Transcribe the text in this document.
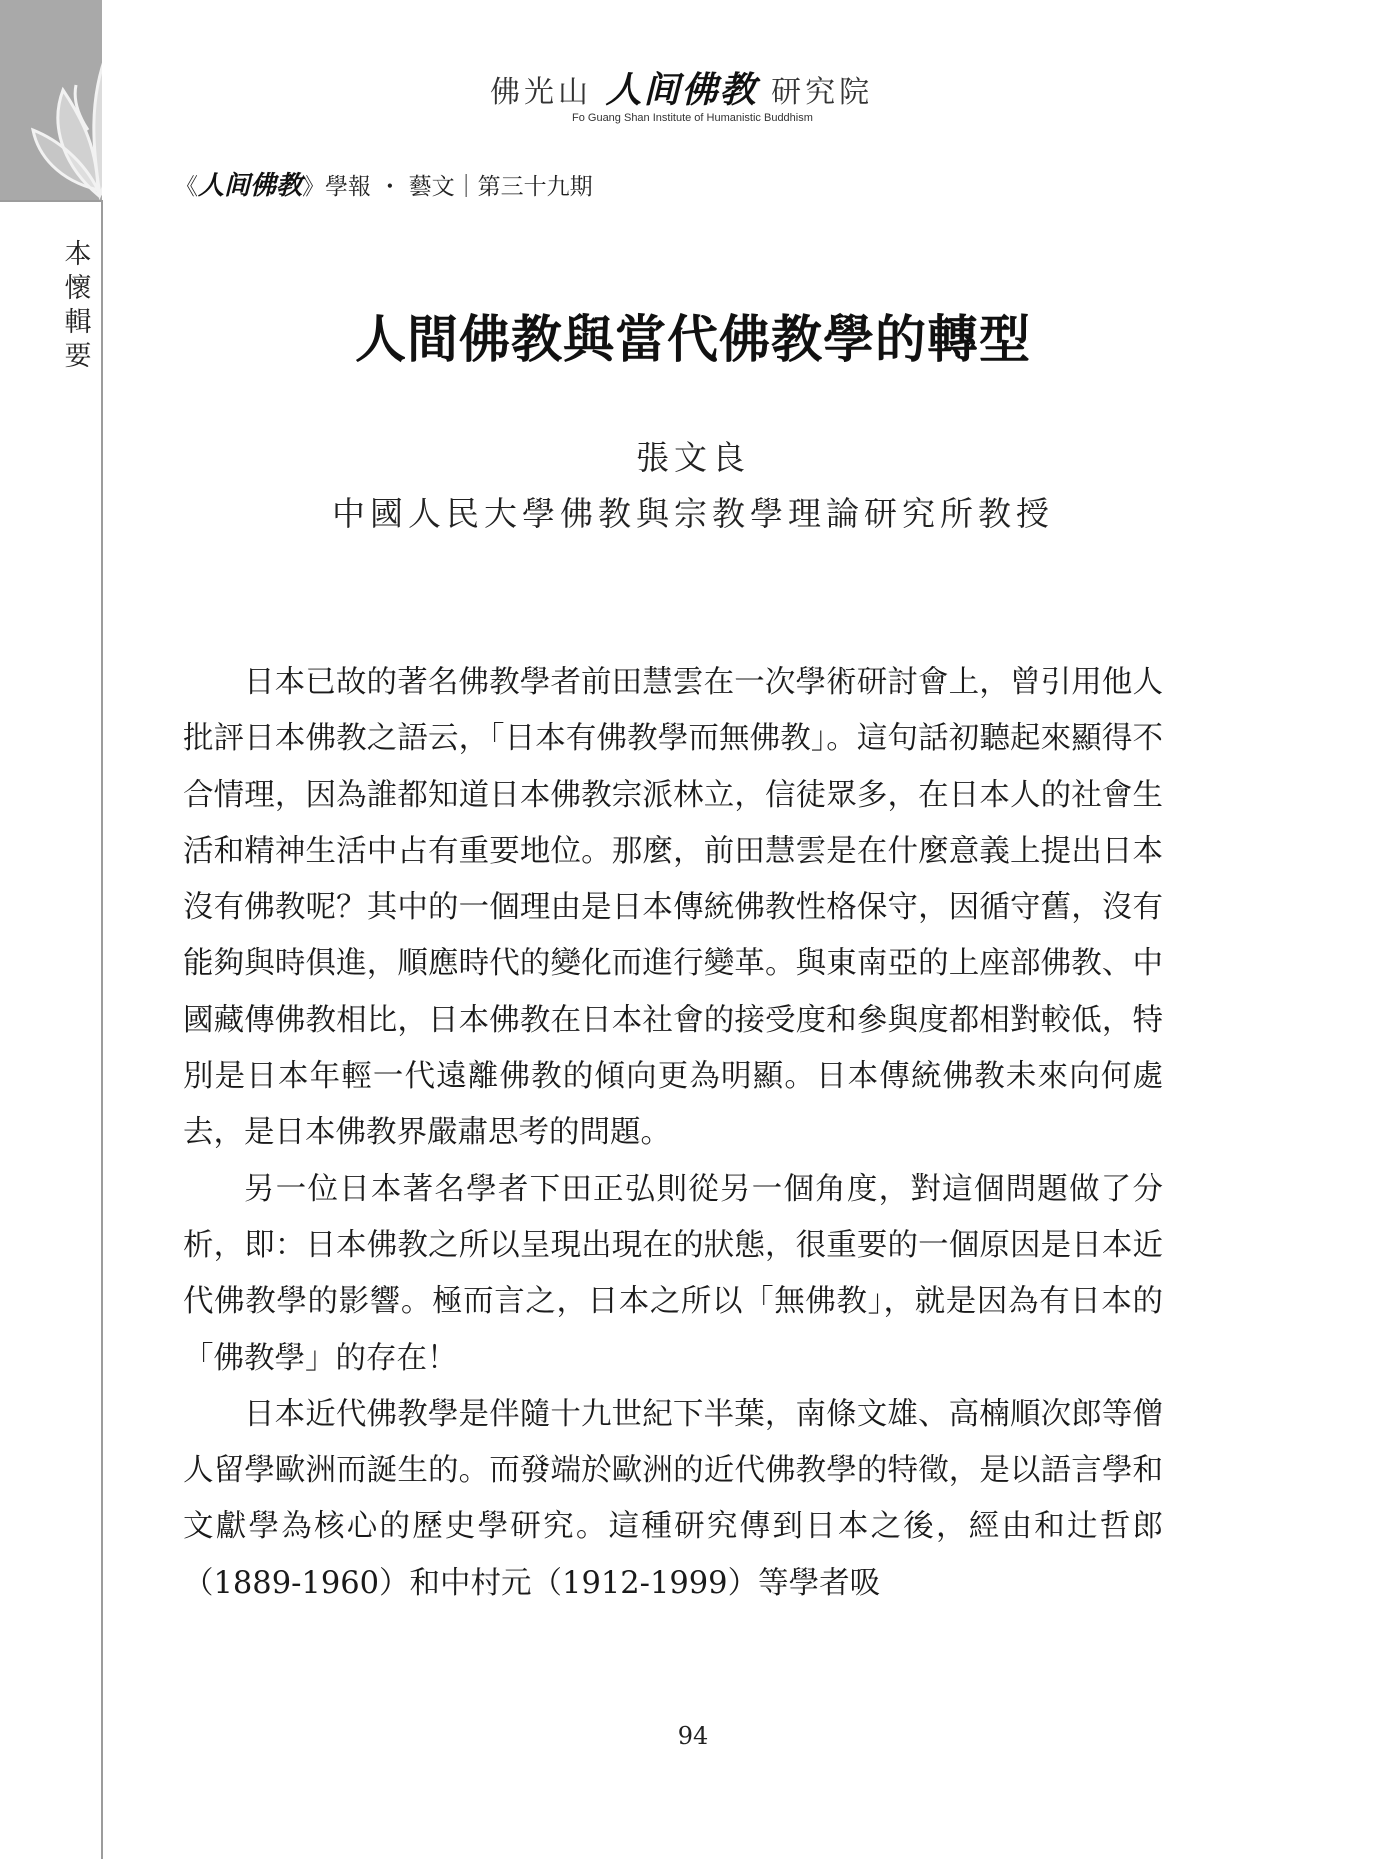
本
懷
輯
要
佛光山 人间佛教 研究院
Fo Guang Shan Institute of Humanistic Buddhism
《人间佛教》學報 ・ 藝文｜第三十九期
人間佛教與當代佛教學的轉型
張文良
中國人民大學佛教與宗教學理論研究所教授

日本已故的著名佛教學者前田慧雲在一次學術研討會上，曾引用他人批評日本佛教之語云，「日本有佛教學而無佛教」。這句話初聽起來顯得不合情理，因為誰都知道日本佛教宗派林立，信徒眾多，在日本人的社會生活和精神生活中占有重要地位。那麼，前田慧雲是在什麼意義上提出日本沒有佛教呢？其中的一個理由是日本傳統佛教性格保守，因循守舊，沒有能夠與時俱進，順應時代的變化而進行變革。與東南亞的上座部佛教、中國藏傳佛教相比，日本佛教在日本社會的接受度和參與度都相對較低，特別是日本年輕一代遠離佛教的傾向更為明顯。日本傳統佛教未來向何處去，是日本佛教界嚴肅思考的問題。

另一位日本著名學者下田正弘則從另一個角度，對這個問題做了分析，即：日本佛教之所以呈現出現在的狀態，很重要的一個原因是日本近代佛教學的影響。極而言之，日本之所以「無佛教」，就是因為有日本的「佛教學」的存在！

日本近代佛教學是伴隨十九世紀下半葉，南條文雄、高楠順次郎等僧人留學歐洲而誕生的。而發端於歐洲的近代佛教學的特徵，是以語言學和文獻學為核心的歷史學研究。這種研究傳到日本之後，經由和辻哲郎（1889-1960）和中村元（1912-1999）等學者吸

94
